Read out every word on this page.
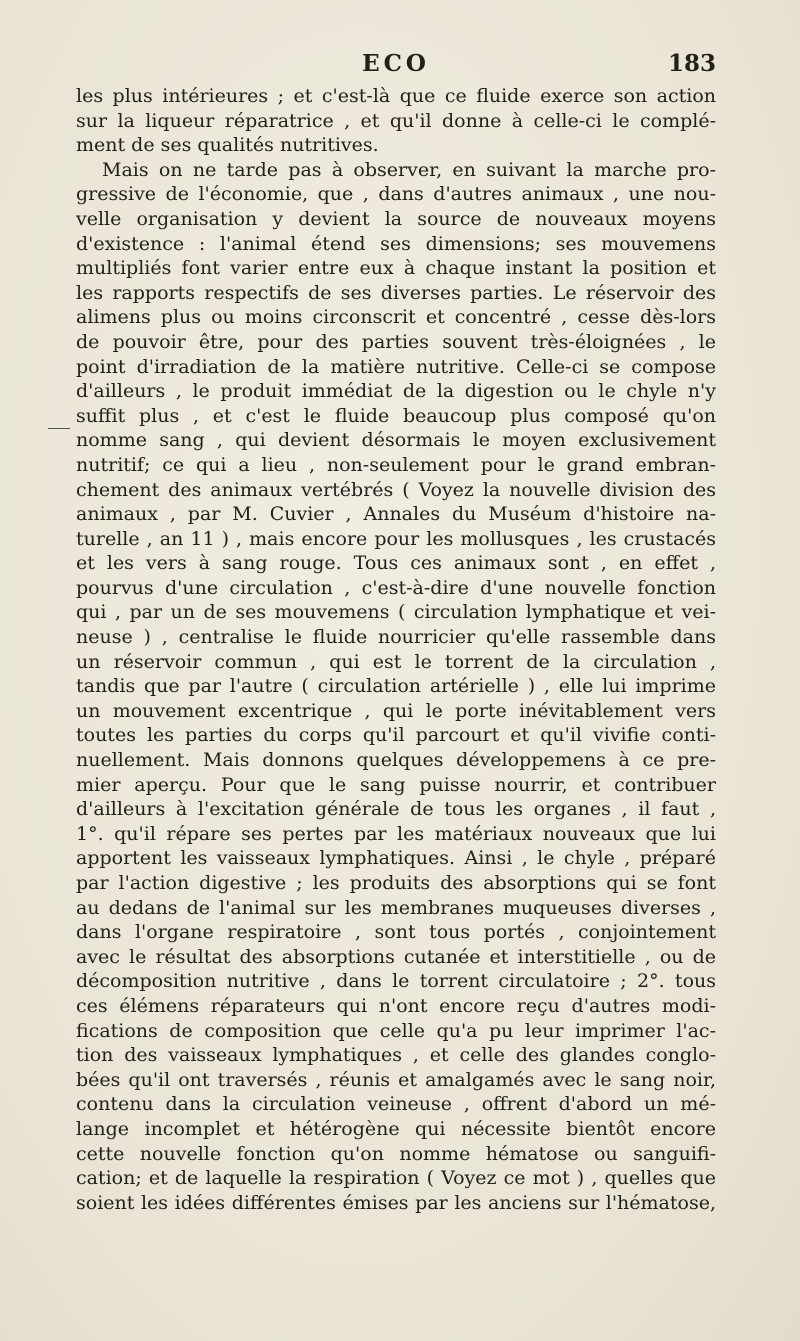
ECO	183
les plus intérieures ; et c'est-là que ce fluide exerce son action
sur la liqueur réparatrice , et qu'il donne à celle-ci le complé-
ment de ses qualités nutritives.
Mais on ne tarde pas à observer, en suivant la marche pro-
gressive de l'économie, que , dans d'autres animaux , une nou-
velle organisation y devient la source de nouveaux moyens
d'existence : l'animal étend ses dimensions; ses mouvemens
multipliés font varier entre eux à chaque instant la position et
les rapports respectifs de ses diverses parties. Le réservoir des
alimens plus ou moins circonscrit et concentré , cesse dès-lors
de pouvoir être, pour des parties souvent très-éloignées , le
point d'irradiation de la matière nutritive. Celle-ci se compose
d'ailleurs , le produit immédiat de la digestion ou le chyle n'y
suffit plus , et c'est le fluide beaucoup plus composé qu'on
nomme sang , qui devient désormais le moyen exclusivement
nutritif; ce qui a lieu , non-seulement pour le grand embran-
chement des animaux vertébrés ( Voyez la nouvelle division des
animaux , par M. Cuvier , Annales du Muséum d'histoire na-
turelle , an 11 ) , mais encore pour les mollusques , les crustacés
et les vers à sang rouge. Tous ces animaux sont , en effet ,
pourvus d'une circulation , c'est-à-dire d'une nouvelle fonction
qui , par un de ses mouvemens ( circulation lymphatique et vei-
neuse ) , centralise le fluide nourricier qu'elle rassemble dans
un réservoir commun , qui est le torrent de la circulation ,
tandis que par l'autre ( circulation artérielle ) , elle lui imprime
un mouvement excentrique , qui le porte inévitablement vers
toutes les parties du corps qu'il parcourt et qu'il vivifie conti-
nuellement. Mais donnons quelques développemens à ce pre-
mier aperçu. Pour que le sang puisse nourrir, et contribuer
d'ailleurs à l'excitation générale de tous les organes , il faut ,
1°. qu'il répare ses pertes par les matériaux nouveaux que lui
apportent les vaisseaux lymphatiques. Ainsi , le chyle , préparé
par l'action digestive ; les produits des absorptions qui se font
au dedans de l'animal sur les membranes muqueuses diverses ,
dans l'organe respiratoire , sont tous portés , conjointement
avec le résultat des absorptions cutanée et interstitielle , ou de
décomposition nutritive , dans le torrent circulatoire ; 2°. tous
ces élémens réparateurs qui n'ont encore reçu d'autres modi-
fications de composition que celle qu'a pu leur imprimer l'ac-
tion des vaisseaux lymphatiques , et celle des glandes conglo-
bées qu'il ont traversés , réunis et amalgamés avec le sang noir,
contenu dans la circulation veineuse , offrent d'abord un mé-
lange incomplet et hétérogène qui nécessite bientôt encore
cette nouvelle fonction qu'on nomme hématose ou sanguifi-
cation; et de laquelle la respiration ( Voyez ce mot ) , quelles que
soient les idées différentes émises par les anciens sur l'hématose,
